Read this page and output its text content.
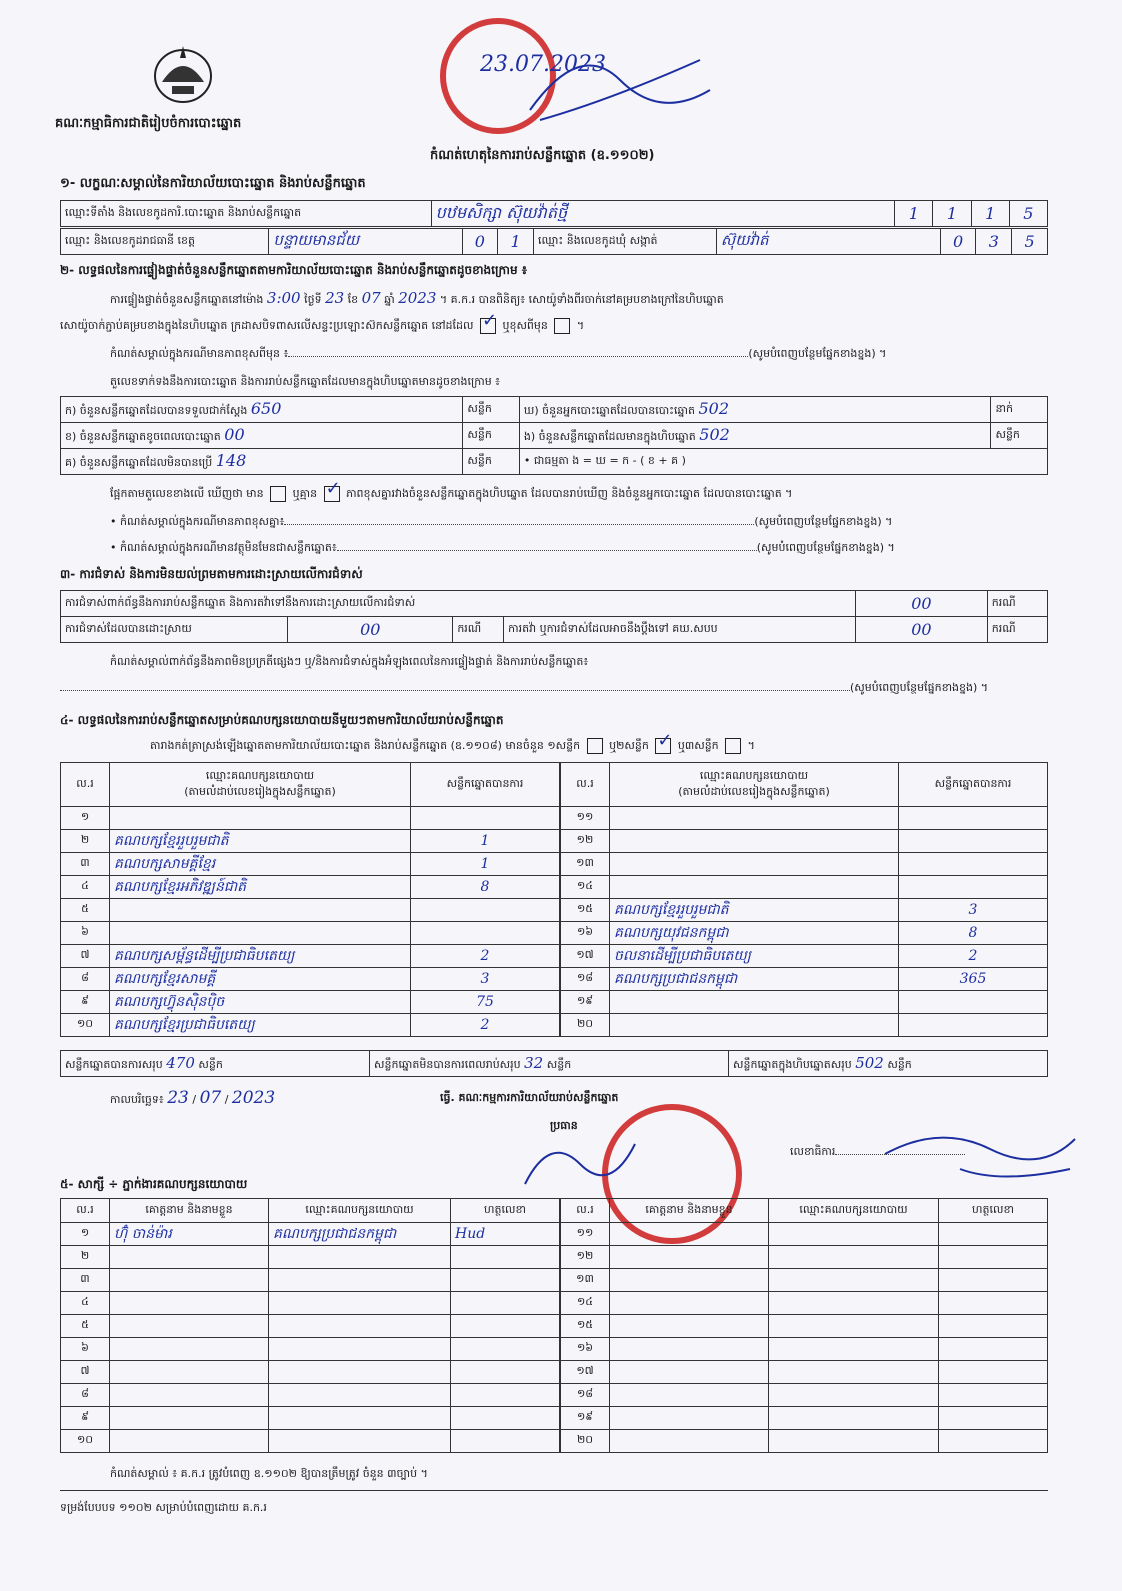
គណៈកម្មាធិការជាតិរៀបចំការបោះឆ្នោត
23.07.2023
កំណត់ហេតុនៃការរាប់សន្លឹកឆ្នោត (ឧ.១១០២)
១- លក្ខណៈសម្គាល់នៃការិយាល័យបោះឆ្នោត និងរាប់សន្លឹកឆ្នោត
ឈ្មោះទីតាំង និងលេខកូដការិ.បោះឆ្នោត និងរាប់សន្លឹកឆ្នោត	បឋមសិក្សា ស៊ុយវ៉ាត់ថ្មី	1	1	1	5
ឈ្មោះ និងលេខកូដរាជធានី ខេត្ត	បន្ទាយមានជ័យ	0	1	ឈ្មោះ និងលេខកូដឃុំ សង្កាត់	ស៊ុយវ៉ាត់	0	3	5
២- លទ្ធផលនៃការផ្ទៀងផ្ទាត់ចំនួនសន្លឹកឆ្នោតតាមការិយាល័យបោះឆ្នោត និងរាប់សន្លឹកឆ្នោតដូចខាងក្រោម ៖
ការផ្ទៀងផ្ទាត់ចំនួនសន្លឹកឆ្នោតនៅម៉ោង 3:00 ថ្ងៃទី 23 ខែ 07 ឆ្នាំ 2023 ។ គ.ក.រ បានពិនិត្យ៖ សោយ៉ូទាំងពីរចាក់នៅគម្របខាងក្រៅនៃហិបឆ្នោត
សោយ៉ូចាក់ភ្ជាប់គម្របខាងក្នុងនៃហិបឆ្នោត ក្រដាសបិទពាសលើសន្ទះប្រឡោះស៊កសន្លឹកឆ្នោត នៅដដែល ✓	ឬខុសពីមុន  ។
កំណត់សម្គាល់ក្នុងករណីមានភាពខុសពីមុន ៖	(សូមបំពេញបន្ថែមផ្នែកខាងខ្នង) ។
តួលេខទាក់ទងនឹងការបោះឆ្នោត និងការរាប់សន្លឹកឆ្នោតដែលមានក្នុងហិបឆ្នោតមានដូចខាងក្រោម ៖
ក) ចំនួនសន្លឹកឆ្នោតដែលបានទទួលជាក់ស្ដែង 650	សន្លឹក	ឃ) ចំនួនអ្នកបោះឆ្នោតដែលបានបោះឆ្នោត 502	នាក់
ខ) ចំនួនសន្លឹកឆ្នោតខូចពេលបោះឆ្នោត 00	សន្លឹក	ង) ចំនួនសន្លឹកឆ្នោតដែលមានក្នុងហិបឆ្នោត 502	សន្លឹក
គ) ចំនួនសន្លឹកឆ្នោតដែលមិនបានប្រើ 148	សន្លឹក	• ជាធម្មតា ង = ឃ = ក - ( ខ + គ )	
ផ្អែកតាមតួលេខខាងលើ ឃើញថា មាន	ឬគ្មាន ✓	ភាពខុសគ្នារវាងចំនួនសន្លឹកឆ្នោតក្នុងហិបឆ្នោត ដែលបានរាប់ឃើញ និងចំនួនអ្នកបោះឆ្នោត ដែលបានបោះឆ្នោត ។
• កំណត់សម្គាល់ក្នុងករណីមានភាពខុសគ្នា៖	(សូមបំពេញបន្ថែមផ្នែកខាងខ្នង) ។
• កំណត់សម្គាល់ក្នុងករណីមានវត្ថុមិនមែនជាសន្លឹកឆ្នោត៖	(សូមបំពេញបន្ថែមផ្នែកខាងខ្នង) ។
៣- ការជំទាស់ និងការមិនយល់ព្រមតាមការដោះស្រាយលើការជំទាស់
ការជំទាស់ពាក់ព័ន្ធនឹងការរាប់សន្លឹកឆ្នោត និងការតវ៉ាទៅនឹងការដោះស្រាយលើការជំទាស់				00	ករណី
ការជំទាស់ដែលបានដោះស្រាយ	00	ករណី	ការតវ៉ា ឬការជំទាស់ដែលអាចនឹងប្ដឹងទៅ គឃ.សបប	00	ករណី
កំណត់សម្គាល់ពាក់ព័ន្ធនឹងភាពមិនប្រក្រតីផ្សេងៗ ឬ/និងការជំទាស់ក្នុងអំឡុងពេលនៃការផ្ទៀងផ្ទាត់ និងការរាប់សន្លឹកឆ្នោត៖
(សូមបំពេញបន្ថែមផ្នែកខាងខ្នង) ។
៤- លទ្ធផលនៃការរាប់សន្លឹកឆ្នោតសម្រាប់គណបក្សនយោបាយនីមួយៗតាមការិយាល័យរាប់សន្លឹកឆ្នោត
តារាងកត់ត្រាស្រង់ឡើងឆ្នោតតាមការិយាល័យបោះឆ្នោត និងរាប់សន្លឹកឆ្នោត (ឧ.១១០៨) មានចំនួន ១សន្លឹក	ឬ២សន្លឹក ✓	ឬ៣សន្លឹក  ។
ល.រ	ឈ្មោះគណបក្សនយោបាយ
(តាមលំដាប់លេខរៀងក្នុងសន្លឹកឆ្នោត)	សន្លឹកឆ្នោតបានការ
១		
២	គណបក្សខ្មែររួបរួមជាតិ	1
៣	គណបក្សសាមគ្គីខ្មែរ	1
៤	គណបក្សខ្មែរអភិវឌ្ឍន៍ជាតិ	8
៥		
៦		
៧	គណបក្សសម្ព័ន្ធដើម្បីប្រជាធិបតេយ្យ	2
៨	គណបក្សខ្មែរសាមគ្គី	3
៩	គណបក្សហ៊្វុនស៊ិនប៉ិច	75
១០	គណបក្សខ្មែរប្រជាធិបតេយ្យ	2
ល.រ	ឈ្មោះគណបក្សនយោបាយ
(តាមលំដាប់លេខរៀងក្នុងសន្លឹកឆ្នោត)	សន្លឹកឆ្នោតបានការ
១១		
១២		
១៣		
១៤		
១៥	គណបក្សខ្មែររួបរួមជាតិ	3
១៦	គណបក្សយុវជនកម្ពុជា	8
១៧	ចលនាដើម្បីប្រជាធិបតេយ្យ	2
១៨	គណបក្សប្រជាជនកម្ពុជា	365
១៩		
២០		
សន្លឹកឆ្នោតបានការសរុប 470 សន្លឹក	សន្លឹកឆ្នោតមិនបានការពេលរាប់សរុប 32 សន្លឹក	សន្លឹកឆ្នោតក្នុងហិបឆ្នោតសរុប 502 សន្លឹក
កាលបរិច្ឆេទ៖ 23 / 07 / 2023	ធ្វើ. គណៈកម្មការការិយាល័យរាប់សន្លឹកឆ្នោត
ប្រធាន
លេខាធិការ
៥- សាក្សី ÷ ភ្នាក់ងារគណបក្សនយោបាយ
ល.រ	គោត្តនាម និងនាមខ្លួន	ឈ្មោះគណបក្សនយោបាយ	ហត្ថលេខា
១	ហ៊ុំ ចាន់ម៉ារ	គណបក្សប្រជាជនកម្ពុជា	Hud
២			
៣			
៤			
៥			
៦			
៧			
៨			
៩			
១០			
ល.រ	គោត្តនាម និងនាមខ្លួន	ឈ្មោះគណបក្សនយោបាយ	ហត្ថលេខា
១១			
១២			
១៣			
១៤			
១៥			
១៦			
១៧			
១៨			
១៩			
២០			
កំណត់សម្គាល់ ៖ គ.ក.រ ត្រូវបំពេញ ឧ.១១០២ ឱ្យបានត្រឹមត្រូវ ចំនួន ៣ច្បាប់ ។
ទម្រង់បែបបទ ១១០២ សម្រាប់បំពេញដោយ គ.ក.រ
